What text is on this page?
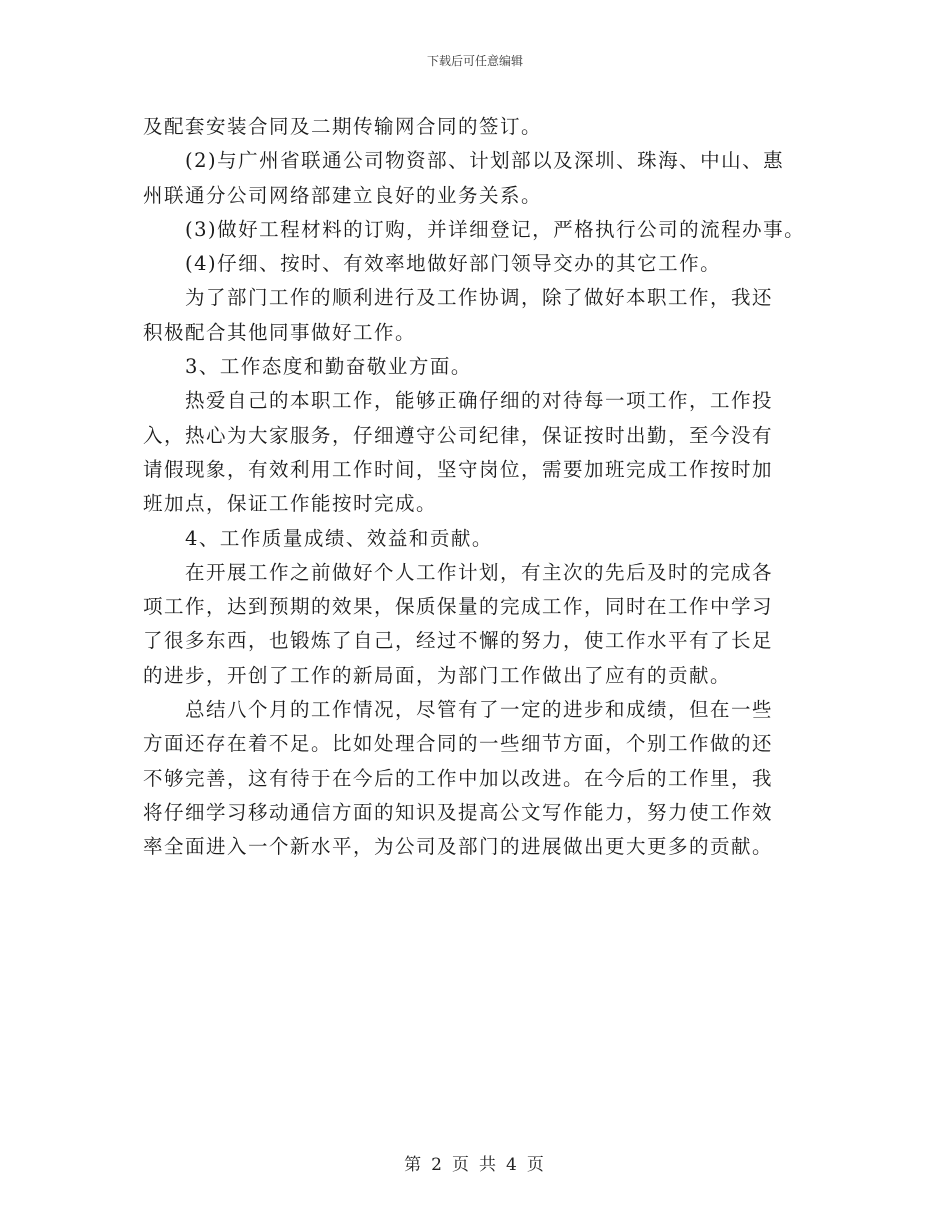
下载后可任意编辑

及配套安装合同及二期传输网合同的签订。

(2)与广州省联通公司物资部、计划部以及深圳、珠海、中山、惠
州联通分公司网络部建立良好的业务关系。

(3)做好工程材料的订购，并详细登记，严格执行公司的流程办事。

(4)仔细、按时、有效率地做好部门领导交办的其它工作。

为了部门工作的顺利进行及工作协调，除了做好本职工作，我还
积极配合其他同事做好工作。

3、工作态度和勤奋敬业方面。

热爱自己的本职工作，能够正确仔细的对待每一项工作，工作投
入，热心为大家服务，仔细遵守公司纪律，保证按时出勤，至今没有
请假现象，有效利用工作时间，坚守岗位，需要加班完成工作按时加
班加点，保证工作能按时完成。

4、工作质量成绩、效益和贡献。

在开展工作之前做好个人工作计划，有主次的先后及时的完成各
项工作，达到预期的效果，保质保量的完成工作，同时在工作中学习
了很多东西，也锻炼了自己，经过不懈的努力，使工作水平有了长足
的进步，开创了工作的新局面，为部门工作做出了应有的贡献。

总结八个月的工作情况，尽管有了一定的进步和成绩，但在一些
方面还存在着不足。比如处理合同的一些细节方面，个别工作做的还
不够完善，这有待于在今后的工作中加以改进。在今后的工作里，我
将仔细学习移动通信方面的知识及提高公文写作能力，努力使工作效
率全面进入一个新水平，为公司及部门的进展做出更大更多的贡献。

第 2 页 共 4 页
